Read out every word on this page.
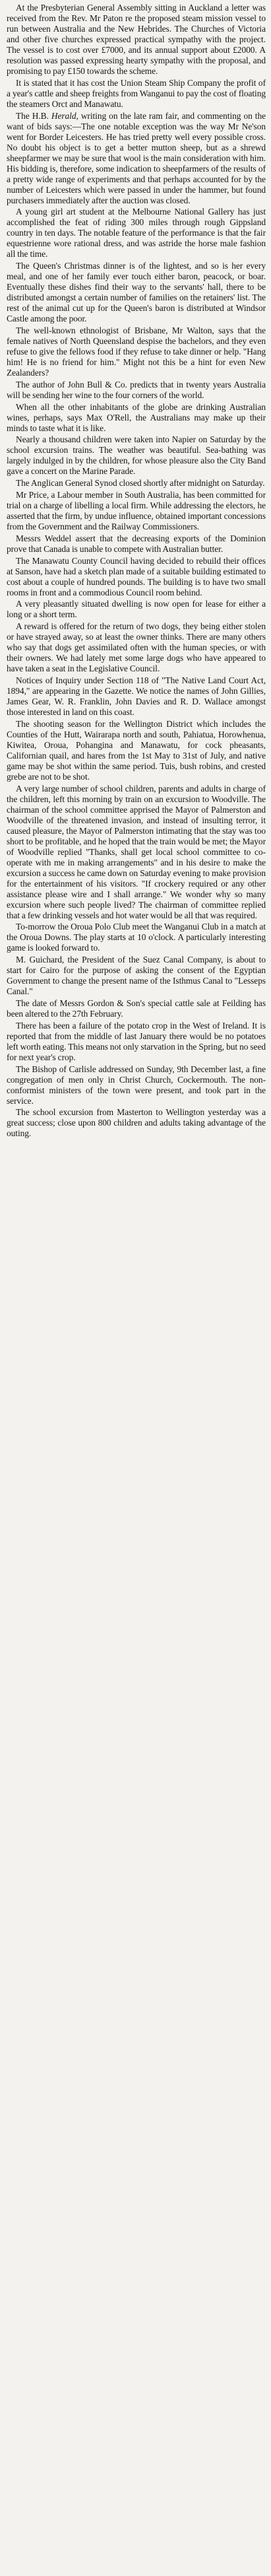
At the Presbyterian General Assembly sitting in Auckland a letter was received from the Rev. Mr Paton re the proposed steam mission vessel to run between Australia and the New Hebrides. The Churches of Victoria and other five churches expressed practical sympathy with the project. The vessel is to cost over £7000, and its annual support about £2000. A resolution was passed expressing hearty sympathy with the proposal, and promising to pay £150 towards the scheme.

It is stated that it has cost the Union Steam Ship Company the profit of a year's cattle and sheep freights from Wanganui to pay the cost of floating the steamers Orct and Manawatu.

The H.B. Herald, writing on the late ram fair, and commenting on the want of bids says:—The one notable exception was the way Mr Ne'son went for Border Leicesters. He has tried pretty well every possible cross. No doubt his object is to get a better mutton sheep, but as a shrewd sheepfarmer we may be sure that wool is the main consideration with him. His bidding is, therefore, some indication to sheepfarmers of the results of a pretty wide range of experiments and that perhaps accounted for by the number of Leicesters which were passed in under the hammer, but found purchasers immediately after the auction was closed.

A young girl art student at the Melbourne National Gallery has just accomplished the feat of riding 300 miles through rough Gippsland country in ten days. The notable feature of the performance is that the fair equestrienne wore rational dress, and was astride the horse male fashion all the time.

The Queen's Christmas dinner is of the lightest, and so is her every meal, and one of her family ever touch either baron, peacock, or boar. Eventually these dishes find their way to the servants' hall, there to be distributed amongst a certain number of families on the retainers' list. The rest of the animal cut up for the Queen's baron is distributed at Windsor Castle among the poor.

The well-known ethnologist of Brisbane, Mr Walton, says that the female natives of North Queensland despise the bachelors, and they even refuse to give the fellows food if they refuse to take dinner or help. "Hang him! He is no friend for him." Might not this be a hint for even New Zealanders?

The author of John Bull & Co. predicts that in twenty years Australia will be sending her wine to the four corners of the world.

When all the other inhabitants of the globe are drinking Australian wines, perhaps, says Max O'Rell, the Australians may make up their minds to taste what it is like.

Nearly a thousand children were taken into Napier on Saturday by the school excursion trains. The weather was beautiful. Sea-bathing was largely indulged in by the children, for whose pleasure also the City Band gave a concert on the Marine Parade.

The Anglican General Synod closed shortly after midnight on Saturday.

Mr Price, a Labour member in South Australia, has been committed for trial on a charge of libelling a local firm. While addressing the electors, he asserted that the firm, by undue influence, obtained important concessions from the Government and the Railway Commissioners.

Messrs Weddel assert that the decreasing exports of the Dominion prove that Canada is unable to compete with Australian butter.

The Manawatu County Council having decided to rebuild their offices at Sanson, have had a sketch plan made of a suitable building estimated to cost about a couple of hundred pounds. The building is to have two small rooms in front and a commodious Council room behind.

A very pleasantly situated dwelling is now open for lease for either a long or a short term.

A reward is offered for the return of two dogs, they being either stolen or have strayed away, so at least the owner thinks. There are many others who say that dogs get assimilated often with the human species, or with their owners. We had lately met some large dogs who have appeared to have taken a seat in the Legislative Council.

Notices of Inquiry under Section 118 of "The Native Land Court Act, 1894," are appearing in the Gazette. We notice the names of John Gillies, James Gear, W. R. Franklin, John Davies and R. D. Wallace amongst those interested in land on this coast.

The shooting season for the Wellington District which includes the Counties of the Hutt, Wairarapa north and south, Pahiatua, Horowhenua, Kiwitea, Oroua, Pohangina and Manawatu, for cock pheasants, Californian quail, and hares from the 1st May to 31st of July, and native game may be shot within the same period. Tuis, bush robins, and crested grebe are not to be shot.

A very large number of school children, parents and adults in charge of the children, left this morning by train on an excursion to Woodville. The chairman of the school committee apprised the Mayor of Palmerston and Woodville of the threatened invasion, and instead of insulting terror, it caused pleasure, the Mayor of Palmerston intimating that the stay was too short to be profitable, and he hoped that the train would be met; the Mayor of Woodville replied "Thanks, shall get local school committee to co-operate with me in making arrangements" and in his desire to make the excursion a success he came down on Saturday evening to make provision for the entertainment of his visitors. "If crockery required or any other assistance please wire and I shall arrange." We wonder why so many excursion where such people lived? The chairman of committee replied that a few drinking vessels and hot water would be all that was required.

To-morrow the Oroua Polo Club meet the Wanganui Club in a match at the Oroua Downs. The play starts at 10 o'clock. A particularly interesting game is looked forward to.

M. Guichard, the President of the Suez Canal Company, is about to start for Cairo for the purpose of asking the consent of the Egyptian Government to change the present name of the Isthmus Canal to "Lesseps Canal."

The date of Messrs Gordon & Son's special cattle sale at Feilding has been altered to the 27th February.

There has been a failure of the potato crop in the West of Ireland. It is reported that from the middle of last January there would be no potatoes left worth eating. This means not only starvation in the Spring, but no seed for next year's crop.

The Bishop of Carlisle addressed on Sunday, 9th December last, a fine congregation of men only in Christ Church, Cockermouth. The non-conformist ministers of the town were present, and took part in the service.

The school excursion from Masterton to Wellington yesterday was a great success; close upon 800 children and adults taking advantage of the outing.
